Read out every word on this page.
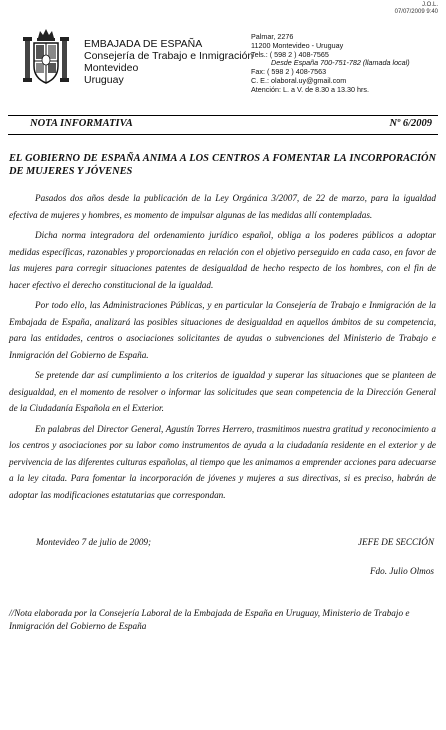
J.O.L.
07/07/2009 9:40
EMBAJADA DE ESPAÑA
Consejería de Trabajo e Inmigración
Montevideo
Uruguay
Palmar, 2276
11200 Montevideo - Uruguay
Tels.: ( 598 2 ) 408-7565
Desde España 700-751-782 (llamada local)
Fax: ( 598 2 ) 408-7563
C. E.: olaboral.uy@gmail.com
Atención: L. a V. de 8.30 a 13.30 hrs.
NOTA INFORMATIVA	Nº 6/2009
EL GOBIERNO DE ESPAÑA ANIMA A LOS CENTROS A FOMENTAR LA INCORPORACIÓN DE MUJERES Y JÓVENES

Pasados dos años desde la publicación de la Ley Orgánica 3/2007, de 22 de marzo, para la igualdad efectiva de mujeres y hombres, es momento de impulsar algunas de las medidas allí contempladas.

Dicha norma integradora del ordenamiento jurídico español, obliga a los poderes públicos a adoptar medidas específicas, razonables y proporcionadas en relación con el objetivo perseguido en cada caso, en favor de las mujeres para corregir situaciones patentes de desigualdad de hecho respecto de los hombres, con el fin de hacer efectivo el derecho constitucional de la igualdad.

Por todo ello, las Administraciones Públicas, y en particular la Consejería de Trabajo e Inmigración de la Embajada de España, analizará las posibles situaciones de desigualdad en aquellos ámbitos de su competencia, para las entidades, centros o asociaciones solicitantes de ayudas o subvenciones del Ministerio de Trabajo e Inmigración del Gobierno de España.

Se pretende dar así cumplimiento a los criterios de igualdad y superar las situaciones que se planteen de desigualdad, en el momento de resolver o informar las solicitudes que sean competencia de la Dirección General de la Ciudadanía Española en el Exterior.

En palabras del Director General, Agustín Torres Herrero, trasmitimos nuestra gratitud y reconocimiento a los centros y asociaciones por su labor como instrumentos de ayuda a la ciudadanía residente en el exterior y de pervivencia de las diferentes culturas españolas, al tiempo que les animamos a emprender acciones para adecuarse a la ley citada. Para fomentar la incorporación de jóvenes y mujeres a sus directivas, si es preciso, habrán de adoptar las modificaciones estatutarias que correspondan.

Montevideo 7 de julio de 2009;	JEFE DE SECCIÓN
Fdo. Julio Olmos
//Nota elaborada por la Consejería Laboral de la Embajada de España en Uruguay, Ministerio de Trabajo e Inmigración del Gobierno de España
